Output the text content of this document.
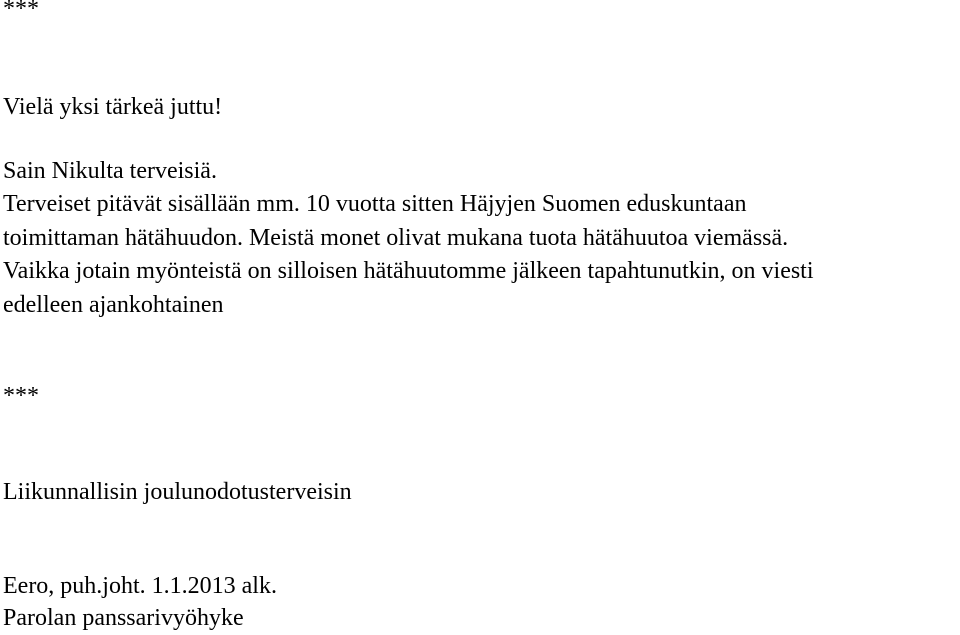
***

Vielä yksi tärkeä juttu!

Sain Nikulta terveisiä.

Terveiset pitävät sisällään mm. 10 vuotta sitten Häjyjen Suomen eduskuntaan

toimittaman hätähuudon. Meistä monet olivat mukana tuota hätähuutoa viemässä.

Vaikka jotain myönteistä on silloisen hätähuutomme jälkeen tapahtunutkin, on viesti

edelleen ajankohtainen

***

Liikunnallisin joulunodotusterveisin

Eero, puh.joht. 1.1.2013 alk.

Parolan panssarivyöhyke
